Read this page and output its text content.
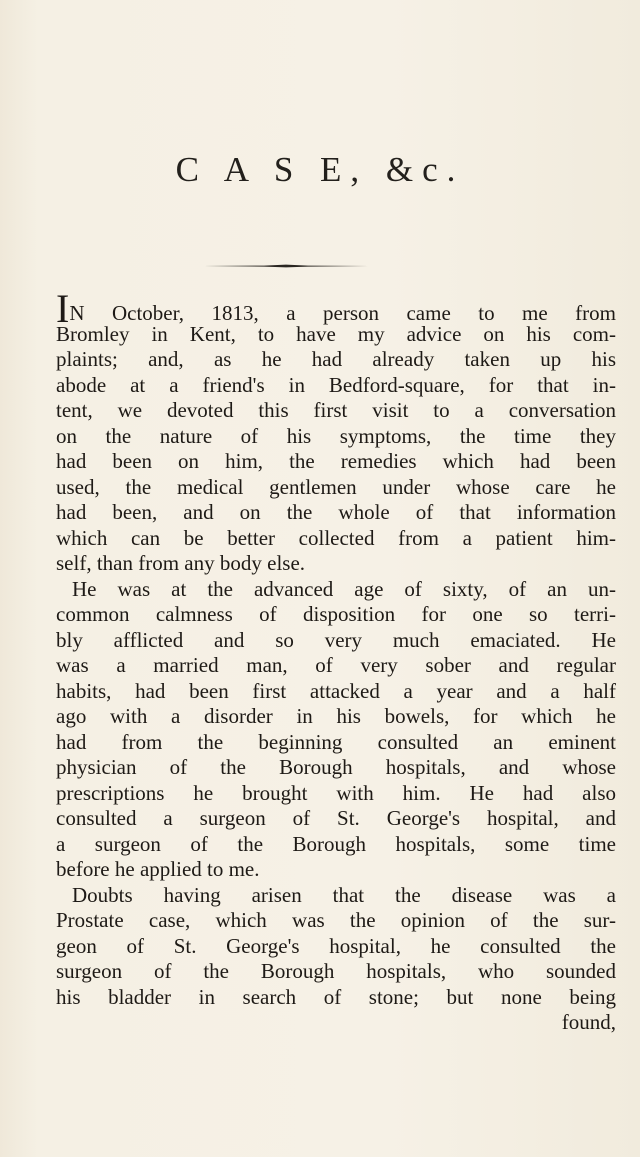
C A S E, &c.
IN October, 1813, a person came to me from
Bromley in Kent, to have my advice on his com-
plaints; and, as he had already taken up his
abode at a friend's in Bedford-square, for that in-
tent, we devoted this first visit to a conversation
on the nature of his symptoms, the time they
had been on him, the remedies which had been
used, the medical gentlemen under whose care he
had been, and on the whole of that information
which can be better collected from a patient him-
self, than from any body else.
He was at the advanced age of sixty, of an un-
common calmness of disposition for one so terri-
bly afflicted and so very much emaciated. He
was a married man, of very sober and regular
habits, had been first attacked a year and a half
ago with a disorder in his bowels, for which he
had from the beginning consulted an eminent
physician of the Borough hospitals, and whose
prescriptions he brought with him. He had also
consulted a surgeon of St. George's hospital, and
a surgeon of the Borough hospitals, some time
before he applied to me.
Doubts having arisen that the disease was a
Prostate case, which was the opinion of the sur-
geon of St. George's hospital, he consulted the
surgeon of the Borough hospitals, who sounded
his bladder in search of stone; but none being
found,
